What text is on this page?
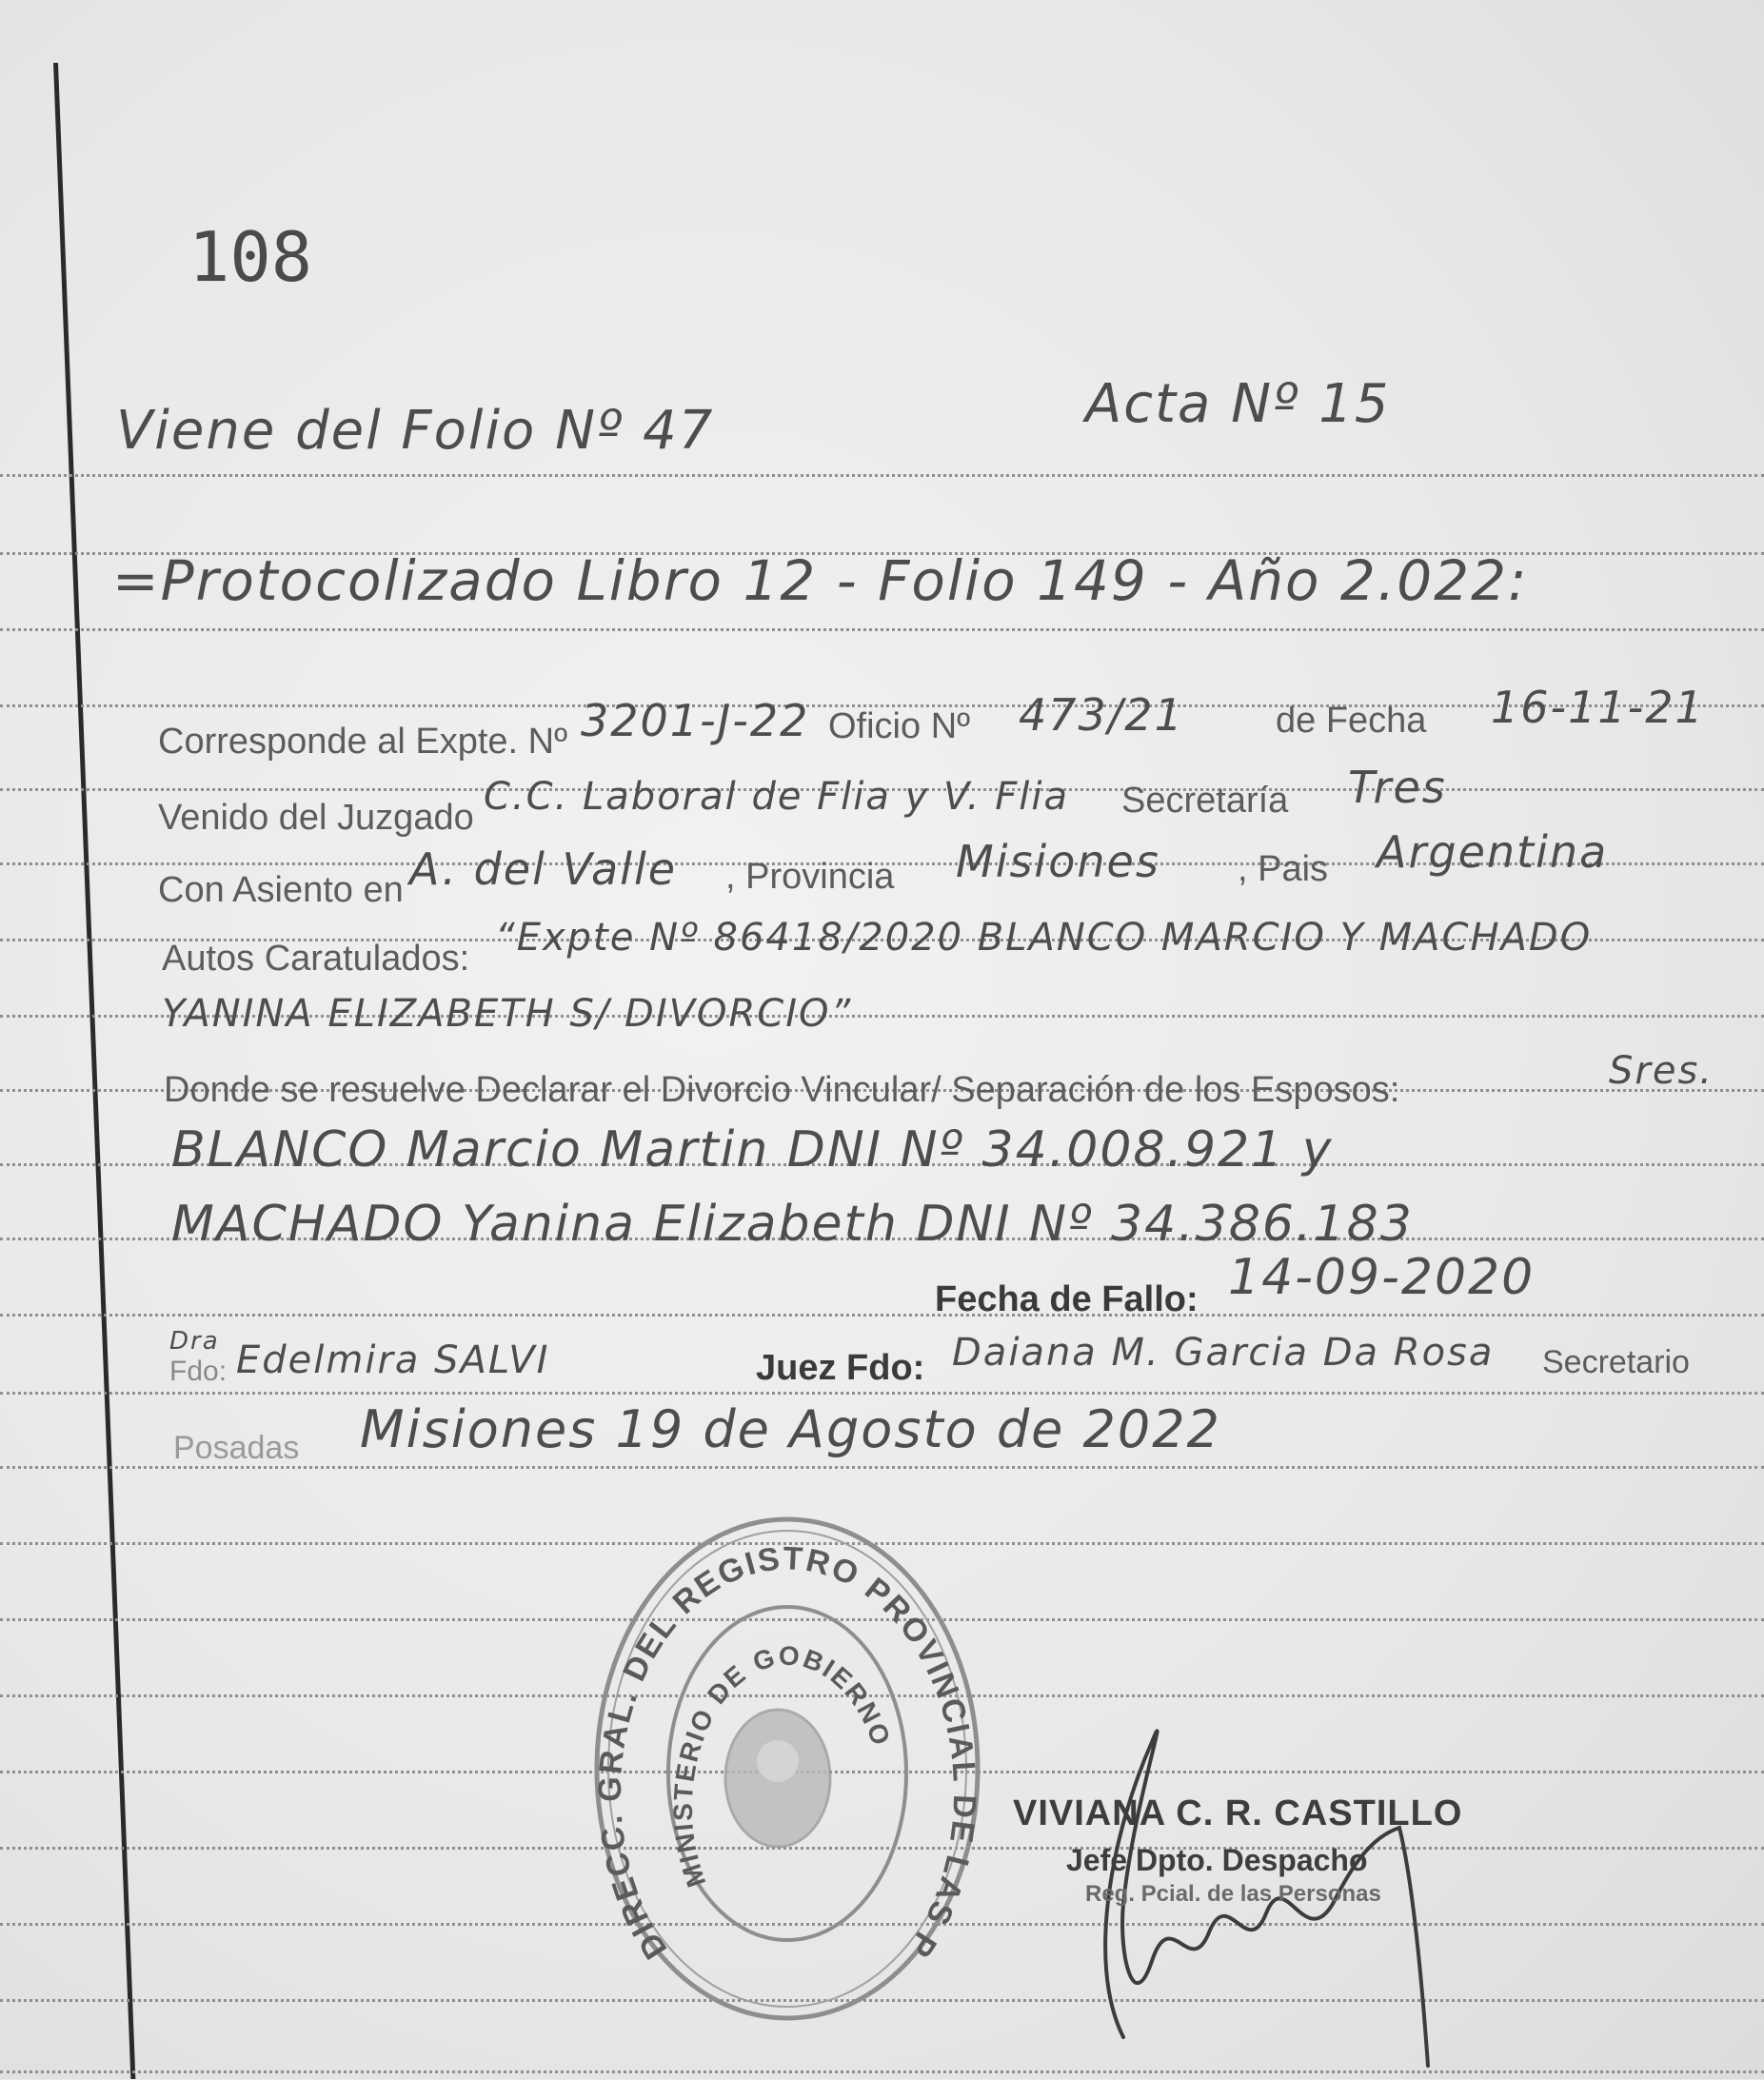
108
Viene del Folio Nº 47	Acta Nº 15
=Protocolizado Libro 12 - Folio 149 - Año 2.022:
Corresponde al Expte. Nº 3201-J-22 Oficio Nº 473/21	de Fecha 16-11-21
Venido del Juzgado C.C. Laboral de Flia y V. Flia Secretaría Tres
Con Asiento en A. del Valle , Provincia Misiones , Pais Argentina
Autos Caratulados: “Expte Nº 86418/2020 BLANCO MARCIO Y MACHADO
YANINA ELIZABETH S/ DIVORCIO”
Donde se resuelve Declarar el Divorcio Vincular/ Separación de los Esposos:	Sres.
BLANCO Marcio Martin DNI Nº 34.008.921 y
MACHADO Yanina Elizabeth DNI Nº 34.386.183
Fecha de Fallo: 14-09-2020
Dra
Fdo: Edelmira SALVI	Juez Fdo: Daiana M. Garcia Da Rosa Secretario
Posadas Misiones 19 de Agosto de 2022
DIRECC. GRAL. DEL REGISTRO PROVINCIAL DE LAS P
MINISTERIO DE GOBIERNO
VIVIANA C. R. CASTILLO
Jefe Dpto. Despacho
Reg. Pcial. de las Personas
